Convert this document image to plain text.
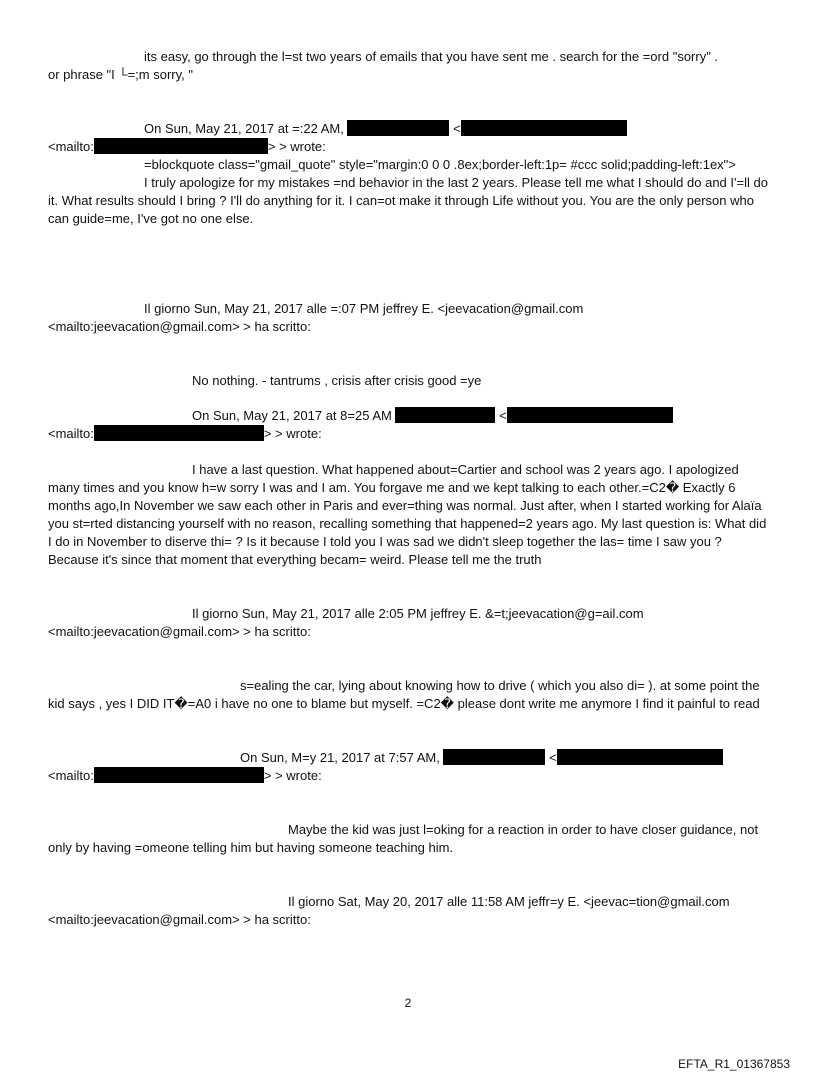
its easy, go through the l=st two years of emails that you have sent me . search for the =ord "sorry" .
or phrase "I └=;m sorry, "
On Sun, May 21, 2017 at =:22 AM,	<
<mailto:	> > wrote:
=blockquote class="gmail_quote" style="margin:0 0 0 .8ex;border-left:1p= #ccc solid;padding-left:1ex">
I truly apologize for my mistakes =nd behavior in the last 2 years. Please tell me what I should do and I'=ll do it. What results should I bring ? I'll do anything for it. I can=ot make it through Life without you. You are the only person who can guide=me, I've got no one else.
Il giorno Sun, May 21, 2017 alle =:07 PM jeffrey E. <jeevacation@gmail.com
<mailto:jeevacation@gmail.com> > ha scritto:
No nothing. - tantrums , crisis after crisis good =ye
On Sun, May 21, 2017 at 8=25 AM	<
<mailto:	> > wrote:
I have a last question. What happened about=Cartier and school was 2 years ago. I apologized many times and you know h=w sorry I was and I am. You forgave me and we kept talking to each other.=C2� Exactly 6 months ago,In November we saw each other in Paris and ever=thing was normal. Just after, when I started working for Alaïa you st=rted distancing yourself with no reason, recalling something that happened=2 years ago. My last question is: What did I do in November to diserve thi= ? Is it because I told you I was sad we didn't sleep together the las= time I saw you ? Because it's since that moment that everything becam= weird. Please tell me the truth
Il giorno Sun, May 21, 2017 alle 2:05 PM jeffrey E. &=t;jeevacation@g=ail.com
<mailto:jeevacation@gmail.com> > ha scritto:
s=ealing the car, lying about knowing how to drive ( which you also di= ). at some point the kid says , yes I DID IT�=A0 i have no one to blame but myself. =C2� please dont write me anymore I find it painful to read
On Sun, M=y 21, 2017 at 7:57 AM,	<
<mailto:	> > wrote:
Maybe the kid was just l=oking for a reaction in order to have closer guidance, not only by having =omeone telling him but having someone teaching him.
Il giorno Sat, May 20, 2017 alle 11:58 AM jeffr=y E. <jeevac=tion@gmail.com
<mailto:jeevacation@gmail.com> > ha scritto:
2
EFTA_R1_01367853
